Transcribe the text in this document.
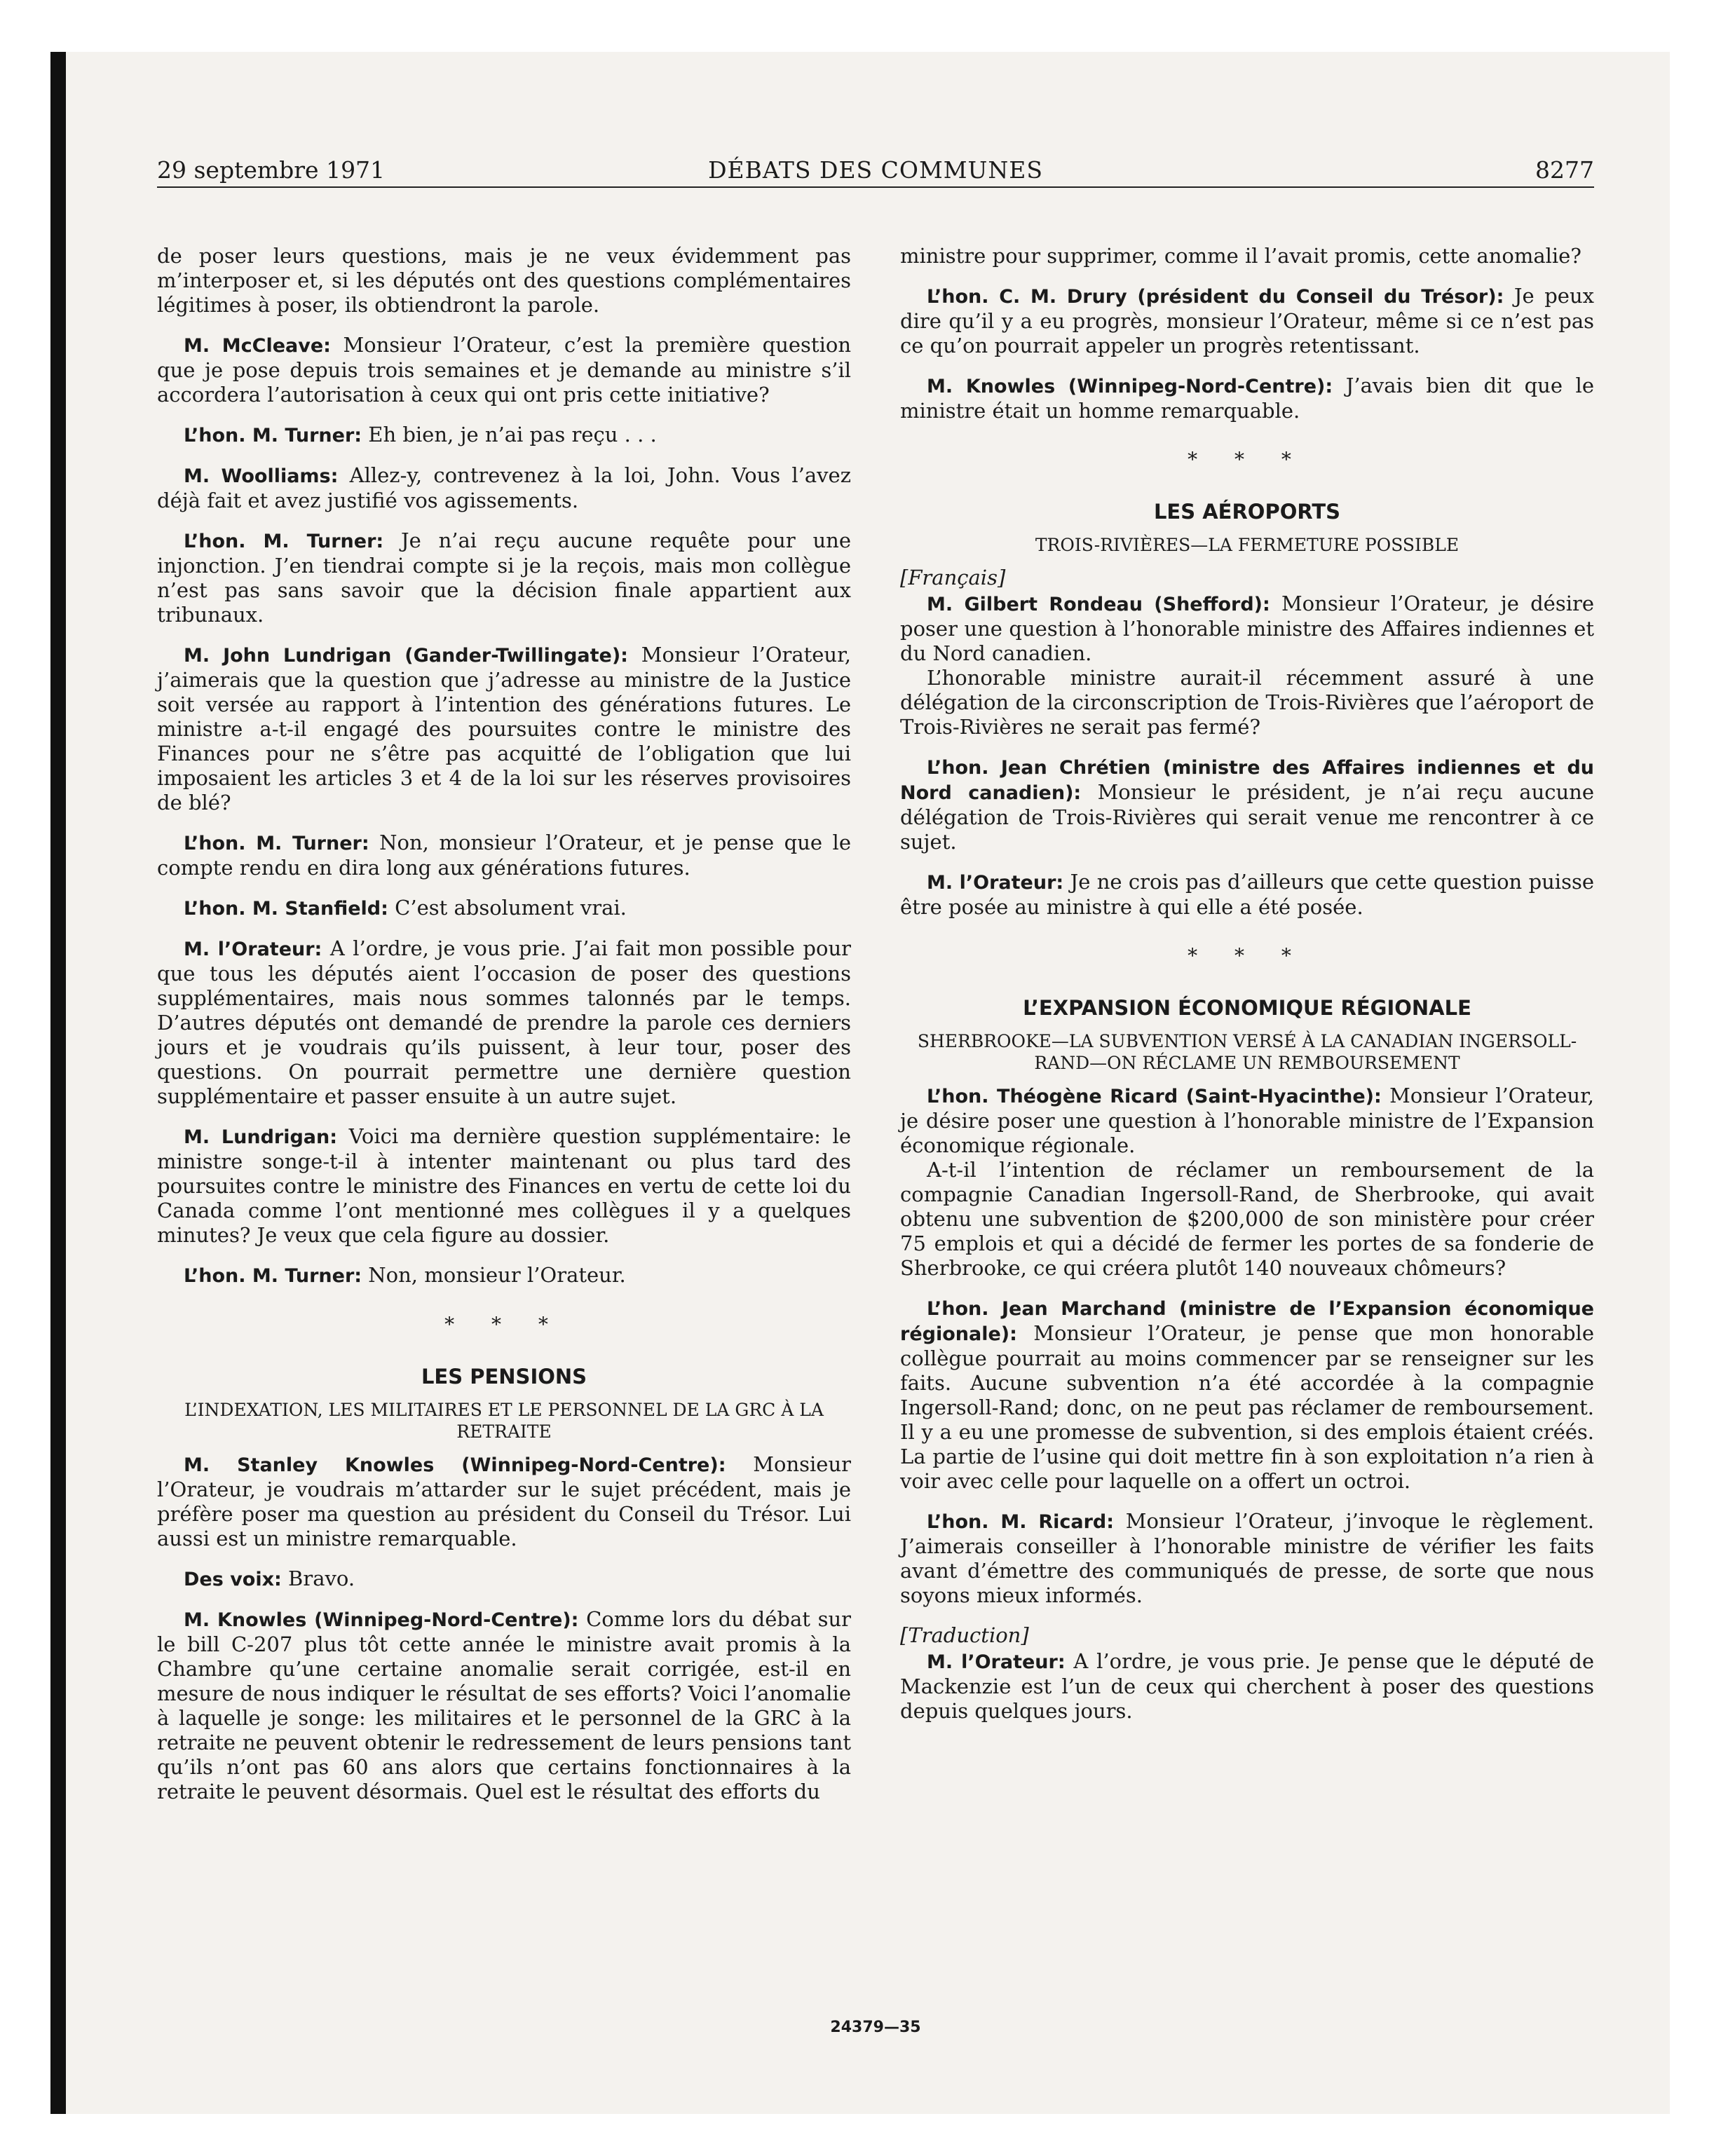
29 septembre 1971	DÉBATS DES COMMUNES	8277

de poser leurs questions, mais je ne veux évidemment pas m’interposer et, si les députés ont des questions complémentaires légitimes à poser, ils obtiendront la parole.

M. McCleave: Monsieur l’Orateur, c’est la première question que je pose depuis trois semaines et je demande au ministre s’il accordera l’autorisation à ceux qui ont pris cette initiative?

L’hon. M. Turner: Eh bien, je n’ai pas reçu . . .

M. Woolliams: Allez-y, contrevenez à la loi, John. Vous l’avez déjà fait et avez justifié vos agissements.

L’hon. M. Turner: Je n’ai reçu aucune requête pour une injonction. J’en tiendrai compte si je la reçois, mais mon collègue n’est pas sans savoir que la décision finale appartient aux tribunaux.

M. John Lundrigan (Gander-Twillingate): Monsieur l’Orateur, j’aimerais que la question que j’adresse au ministre de la Justice soit versée au rapport à l’intention des générations futures. Le ministre a-t-il engagé des poursuites contre le ministre des Finances pour ne s’être pas acquitté de l’obligation que lui imposaient les articles 3 et 4 de la loi sur les réserves provisoires de blé?

L’hon. M. Turner: Non, monsieur l’Orateur, et je pense que le compte rendu en dira long aux générations futures.

L’hon. M. Stanfield: C’est absolument vrai.

M. l’Orateur: A l’ordre, je vous prie. J’ai fait mon possible pour que tous les députés aient l’occasion de poser des questions supplémentaires, mais nous sommes talonnés par le temps. D’autres députés ont demandé de prendre la parole ces derniers jours et je voudrais qu’ils puissent, à leur tour, poser des questions. On pourrait permettre une dernière question supplémentaire et passer ensuite à un autre sujet.

M. Lundrigan: Voici ma dernière question supplémentaire: le ministre songe-t-il à intenter maintenant ou plus tard des poursuites contre le ministre des Finances en vertu de cette loi du Canada comme l’ont mentionné mes collègues il y a quelques minutes? Je veux que cela figure au dossier.

L’hon. M. Turner: Non, monsieur l’Orateur.

* * *
LES PENSIONS
L’INDEXATION, LES MILITAIRES ET LE PERSONNEL DE LA GRC À LA RETRAITE

M. Stanley Knowles (Winnipeg-Nord-Centre): Monsieur l’Orateur, je voudrais m’attarder sur le sujet précédent, mais je préfère poser ma question au président du Conseil du Trésor. Lui aussi est un ministre remarquable.

Des voix: Bravo.

M. Knowles (Winnipeg-Nord-Centre): Comme lors du débat sur le bill C-207 plus tôt cette année le ministre avait promis à la Chambre qu’une certaine anomalie serait corrigée, est-il en mesure de nous indiquer le résultat de ses efforts? Voici l’anomalie à laquelle je songe: les militaires et le personnel de la GRC à la retraite ne peuvent obtenir le redressement de leurs pensions tant qu’ils n’ont pas 60 ans alors que certains fonctionnaires à la retraite le peuvent désormais. Quel est le résultat des efforts du

ministre pour supprimer, comme il l’avait promis, cette anomalie?

L’hon. C. M. Drury (président du Conseil du Trésor): Je peux dire qu’il y a eu progrès, monsieur l’Orateur, même si ce n’est pas ce qu’on pourrait appeler un progrès retentissant.

M. Knowles (Winnipeg-Nord-Centre): J’avais bien dit que le ministre était un homme remarquable.

* * *
LES AÉROPORTS
TROIS-RIVIÈRES—LA FERMETURE POSSIBLE
[Français]

M. Gilbert Rondeau (Shefford): Monsieur l’Orateur, je désire poser une question à l’honorable ministre des Affaires indiennes et du Nord canadien.

L’honorable ministre aurait-il récemment assuré à une délégation de la circonscription de Trois-Rivières que l’aéroport de Trois-Rivières ne serait pas fermé?

L’hon. Jean Chrétien (ministre des Affaires indiennes et du Nord canadien): Monsieur le président, je n’ai reçu aucune délégation de Trois-Rivières qui serait venue me rencontrer à ce sujet.

M. l’Orateur: Je ne crois pas d’ailleurs que cette question puisse être posée au ministre à qui elle a été posée.

* * *
L’EXPANSION ÉCONOMIQUE RÉGIONALE
SHERBROOKE—LA SUBVENTION VERSÉ À LA CANADIAN INGERSOLL-RAND—ON RÉCLAME UN REMBOURSEMENT

L’hon. Théogène Ricard (Saint-Hyacinthe): Monsieur l’Orateur, je désire poser une question à l’honorable ministre de l’Expansion économique régionale.

A-t-il l’intention de réclamer un remboursement de la compagnie Canadian Ingersoll-Rand, de Sherbrooke, qui avait obtenu une subvention de $200,000 de son ministère pour créer 75 emplois et qui a décidé de fermer les portes de sa fonderie de Sherbrooke, ce qui créera plutôt 140 nouveaux chômeurs?

L’hon. Jean Marchand (ministre de l’Expansion économique régionale): Monsieur l’Orateur, je pense que mon honorable collègue pourrait au moins commencer par se renseigner sur les faits. Aucune subvention n’a été accordée à la compagnie Ingersoll-Rand; donc, on ne peut pas réclamer de remboursement. Il y a eu une promesse de subvention, si des emplois étaient créés. La partie de l’usine qui doit mettre fin à son exploitation n’a rien à voir avec celle pour laquelle on a offert un octroi.

L’hon. M. Ricard: Monsieur l’Orateur, j’invoque le règlement. J’aimerais conseiller à l’honorable ministre de vérifier les faits avant d’émettre des communiqués de presse, de sorte que nous soyons mieux informés.

[Traduction]

M. l’Orateur: A l’ordre, je vous prie. Je pense que le député de Mackenzie est l’un de ceux qui cherchent à poser des questions depuis quelques jours.

24379—35
